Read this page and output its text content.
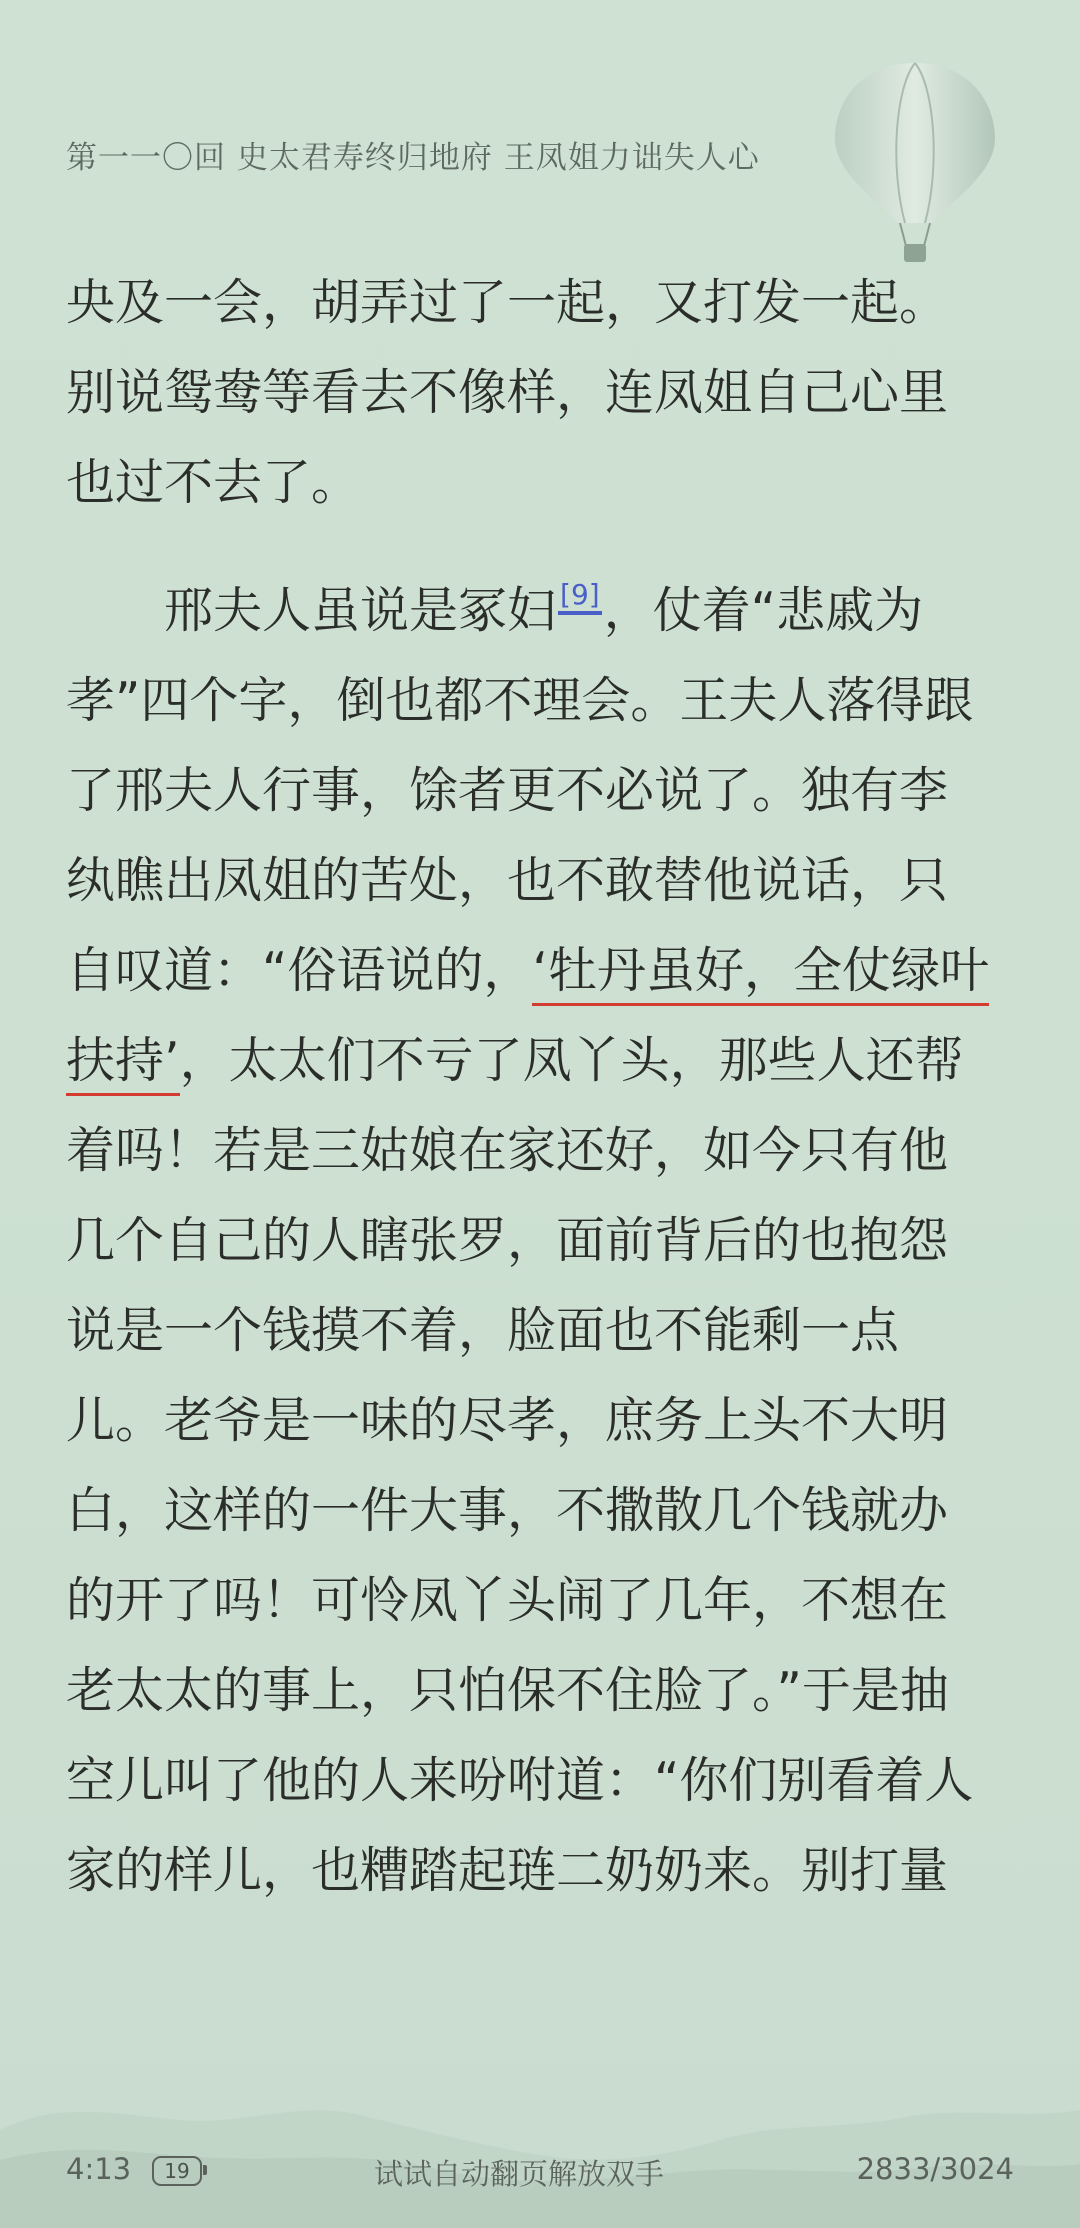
第一一〇回 史太君寿终归地府 王凤姐力诎失人心
央及一会，胡弄过了一起，又打发一起。
别说鸳鸯等看去不像样，连凤姐自己心里
也过不去了。
邢夫人虽说是冢妇 [9]，仗着“悲戚为
孝”四个字，倒也都不理会。王夫人落得跟
了邢夫人行事，馀者更不必说了。独有李
纨瞧出凤姐的苦处，也不敢替他说话，只
自叹道：“俗语说的，‘牡丹虽好，全仗绿叶
扶持’，太太们不亏了凤丫头，那些人还帮
着吗！若是三姑娘在家还好，如今只有他
几个自己的人瞎张罗，面前背后的也抱怨
说是一个钱摸不着，脸面也不能剩一点
儿。老爷是一味的尽孝，庶务上头不大明
白，这样的一件大事，不撒散几个钱就办
的开了吗！可怜凤丫头闹了几年，不想在
老太太的事上，只怕保不住脸了。”于是抽
空儿叫了他的人来吩咐道：“你们别看着人
家的样儿，也糟踏起琏二奶奶来。别打量
4:13	19	试试自动翻页解放双手	2833/3024
